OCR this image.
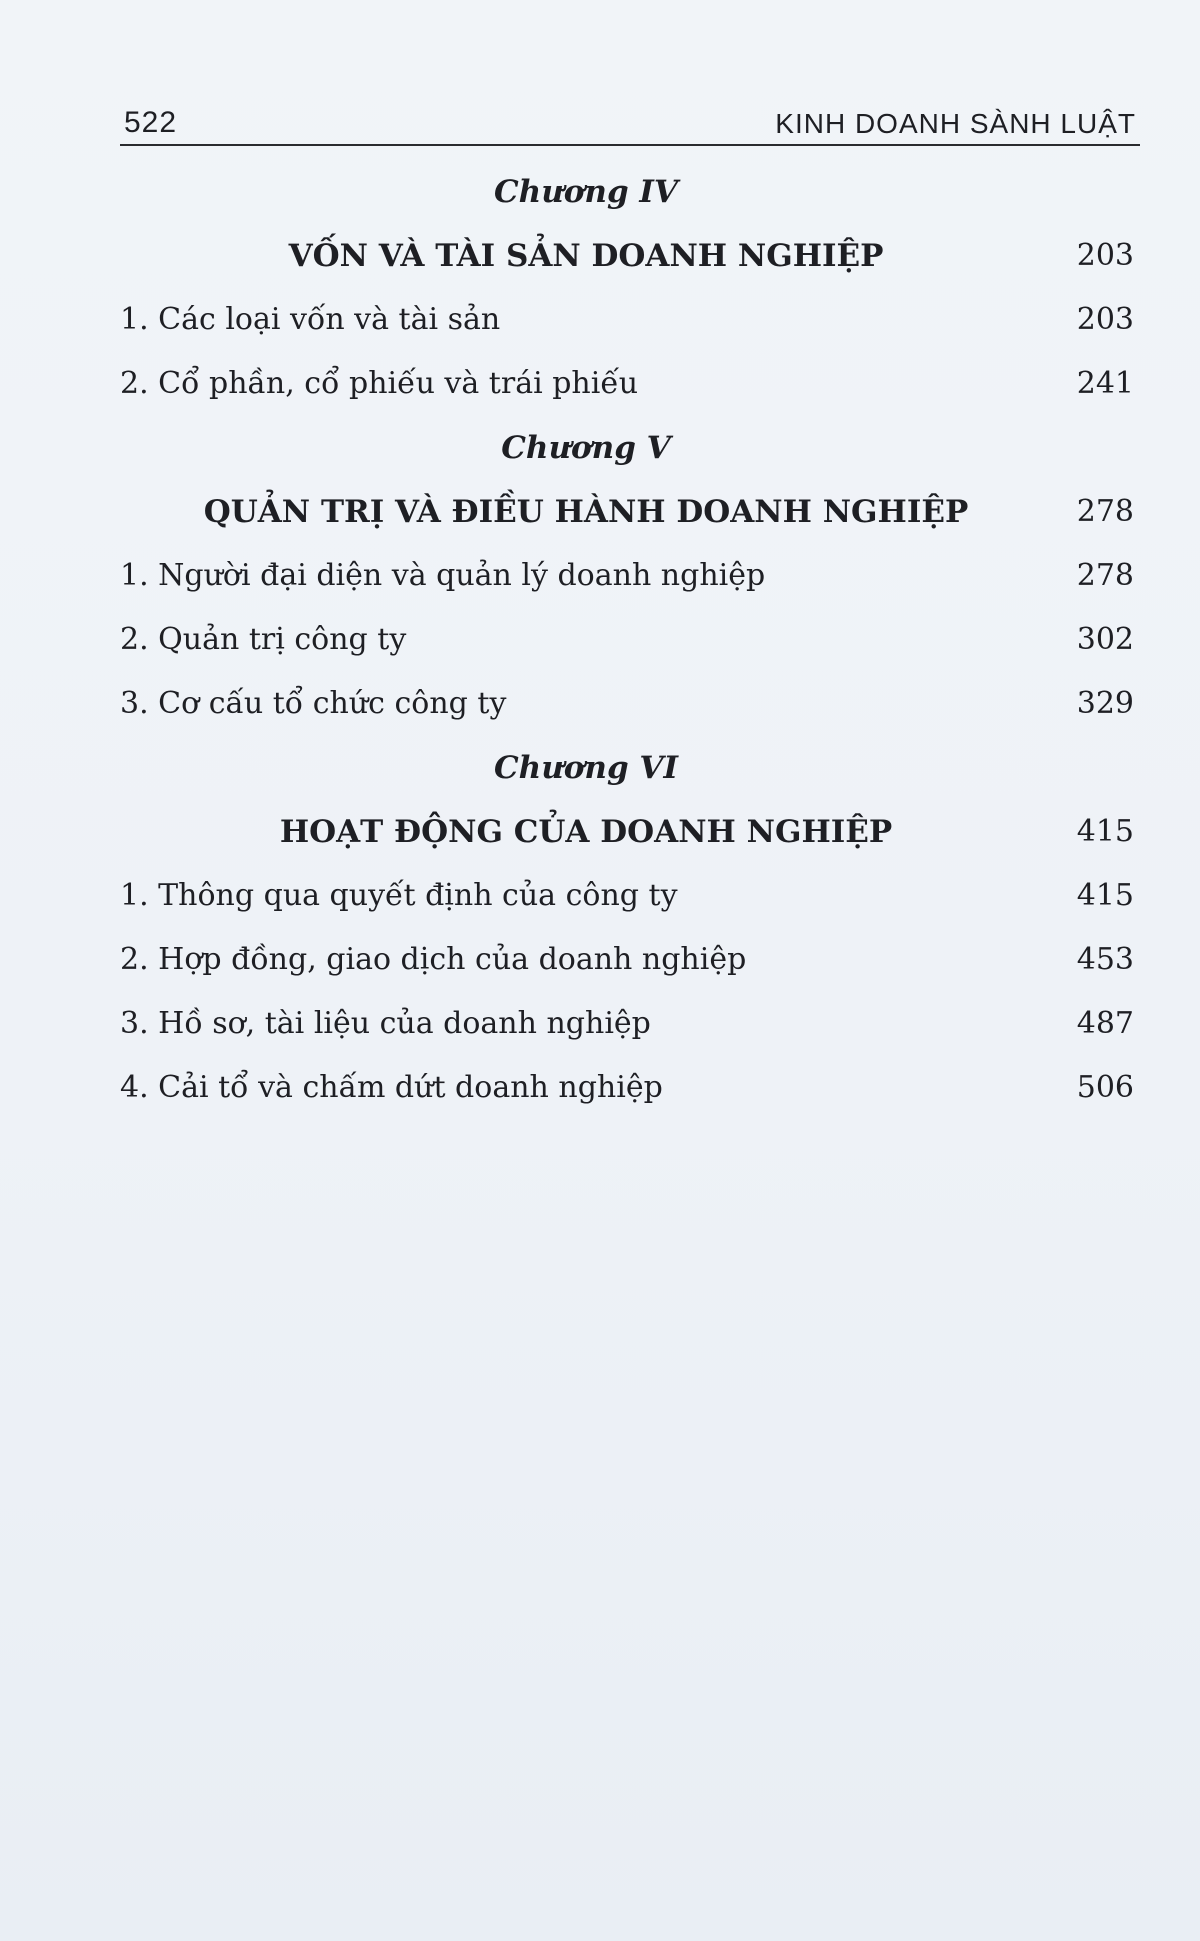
522	KINH DOANH SÀNH LUẬT
Chương IV
VỐN VÀ TÀI SẢN DOANH NGHIỆP	203
1. Các loại vốn và tài sản	203
2. Cổ phần, cổ phiếu và trái phiếu	241
Chương V
QUẢN TRỊ VÀ ĐIỀU HÀNH DOANH NGHIỆP	278
1. Người đại diện và quản lý doanh nghiệp	278
2. Quản trị công ty	302
3. Cơ cấu tổ chức công ty	329
Chương VI
HOẠT ĐỘNG CỦA DOANH NGHIỆP	415
1. Thông qua quyết định của công ty	415
2. Hợp đồng, giao dịch của doanh nghiệp	453
3. Hồ sơ, tài liệu của doanh nghiệp	487
4. Cải tổ và chấm dứt doanh nghiệp	506
